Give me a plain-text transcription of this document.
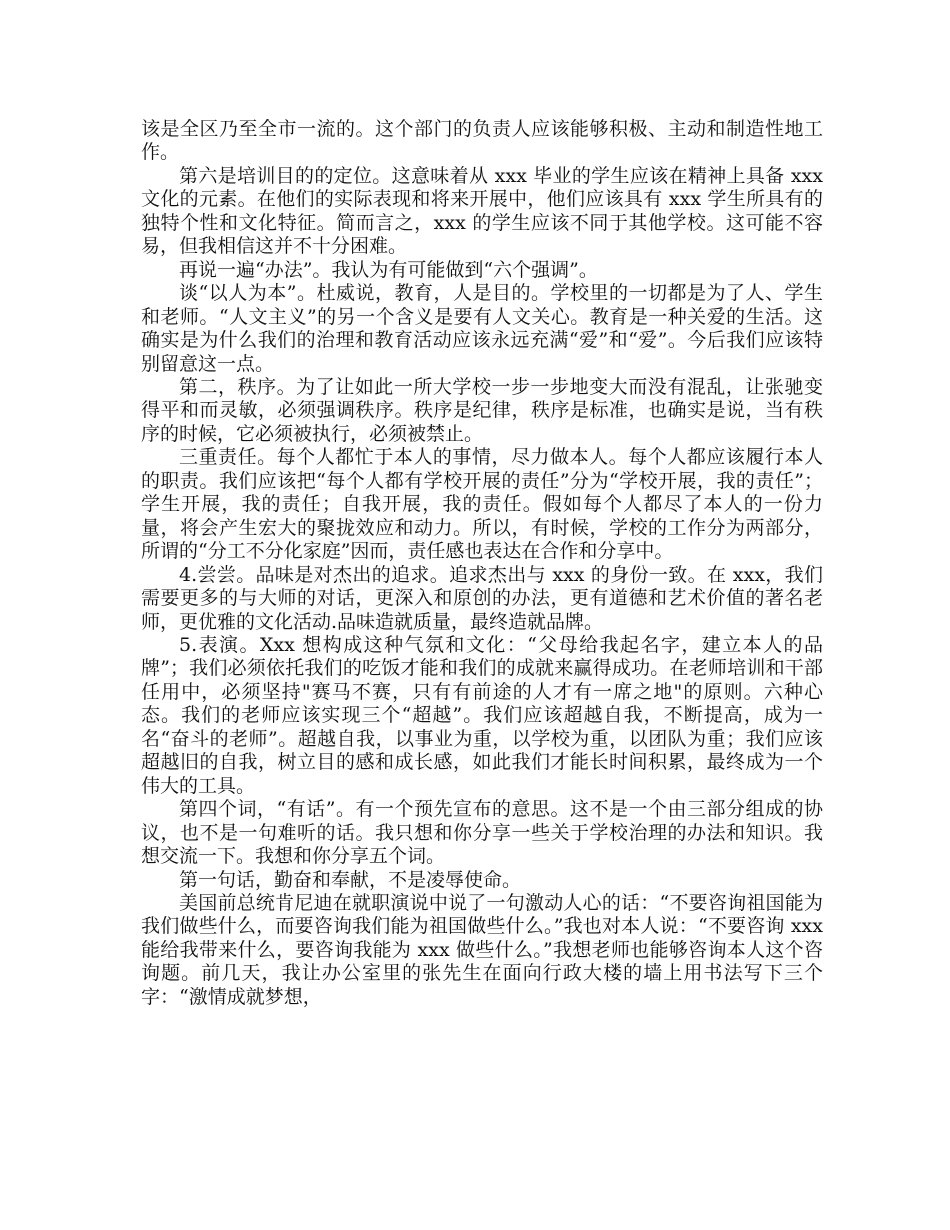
该是全区乃至全市一流的。这个部门的负责人应该能够积极、主动和制造性地工作。

第六是培训目的的定位。这意味着从 xxx 毕业的学生应该在精神上具备 xxx 文化的元素。在他们的实际表现和将来开展中，他们应该具有 xxx 学生所具有的独特个性和文化特征。简而言之，xxx 的学生应该不同于其他学校。这可能不容易，但我相信这并不十分困难。

再说一遍“办法”。我认为有可能做到“六个强调”。

谈“以人为本”。杜威说，教育，人是目的。学校里的一切都是为了人、学生和老师。“人文主义”的另一个含义是要有人文关心。教育是一种关爱的生活。这确实是为什么我们的治理和教育活动应该永远充满“爱”和“爱”。今后我们应该特别留意这一点。

第二，秩序。为了让如此一所大学校一步一步地变大而没有混乱，让张驰变得平和而灵敏，必须强调秩序。秩序是纪律，秩序是标准，也确实是说，当有秩序的时候，它必须被执行，必须被禁止。

三重责任。每个人都忙于本人的事情，尽力做本人。每个人都应该履行本人的职责。我们应该把“每个人都有学校开展的责任”分为“学校开展，我的责任”；学生开展，我的责任；自我开展，我的责任。假如每个人都尽了本人的一份力量，将会产生宏大的聚拢效应和动力。所以，有时候，学校的工作分为两部分，所谓的“分工不分化家庭”因而，责任感也表达在合作和分享中。

4.尝尝。品味是对杰出的追求。追求杰出与 xxx 的身份一致。在 xxx，我们需要更多的与大师的对话，更深入和原创的办法，更有道德和艺术价值的著名老师，更优雅的文化活动.品味造就质量，最终造就品牌。

5.表演。Xxx 想构成这种气氛和文化：“父母给我起名字，建立本人的品牌”；我们必须依托我们的吃饭才能和我们的成就来赢得成功。在老师培训和干部任用中，必须坚持"赛马不赛，只有有前途的人才有一席之地"的原则。六种心态。我们的老师应该实现三个“超越”。我们应该超越自我，不断提高，成为一名“奋斗的老师”。超越自我，以事业为重，以学校为重，以团队为重；我们应该超越旧的自我，树立目的感和成长感，如此我们才能长时间积累，最终成为一个伟大的工具。

第四个词，“有话”。有一个预先宣布的意思。这不是一个由三部分组成的协议，也不是一句难听的话。我只想和你分享一些关于学校治理的办法和知识。我想交流一下。我想和你分享五个词。

第一句话，勤奋和奉献，不是凌辱使命。

美国前总统肯尼迪在就职演说中说了一句激动人心的话：“不要咨询祖国能为我们做些什么，而要咨询我们能为祖国做些什么。”我也对本人说：“不要咨询 xxx 能给我带来什么，要咨询我能为 xxx 做些什么。”我想老师也能够咨询本人这个咨询题。前几天，我让办公室里的张先生在面向行政大楼的墙上用书法写下三个字：“激情成就梦想，
